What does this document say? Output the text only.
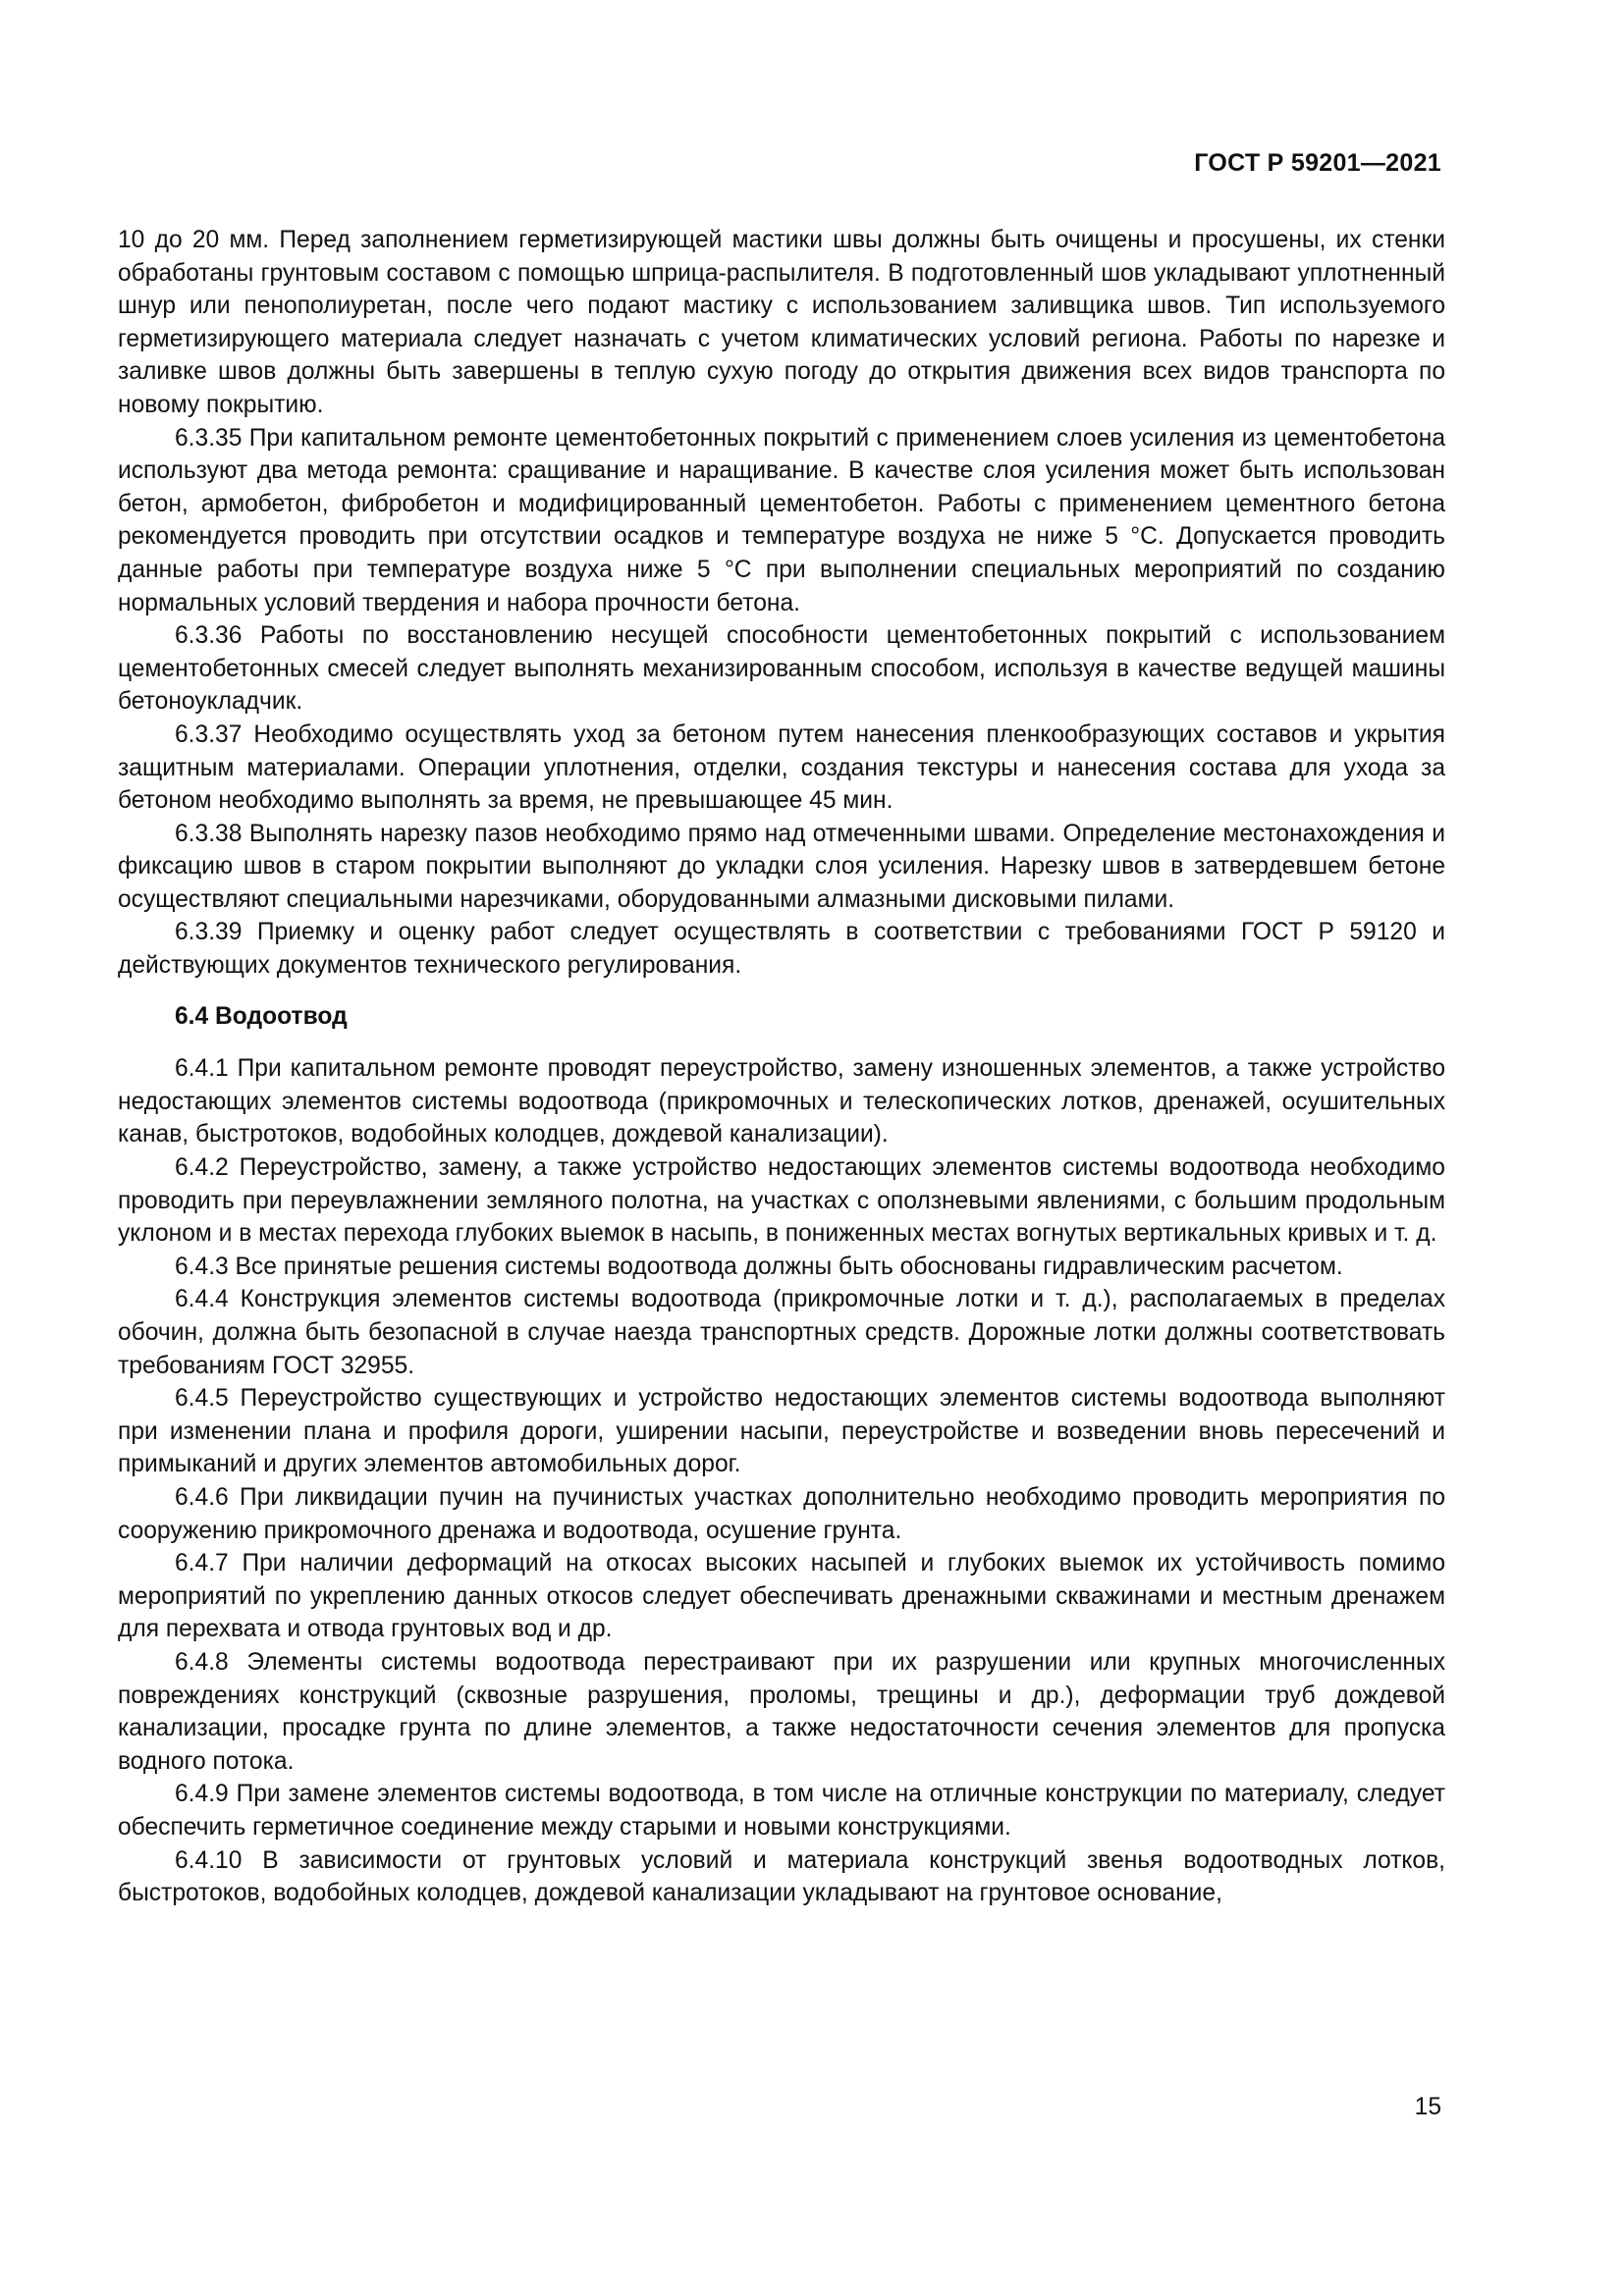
ГОСТ Р 59201—2021

10 до 20 мм. Перед заполнением герметизирующей мастики швы должны быть очищены и просушены, их стенки обработаны грунтовым составом с помощью шприца-распылителя. В подготовленный шов укладывают уплотненный шнур или пенополиуретан, после чего подают мастику с использованием заливщика швов. Тип используемого герметизирующего материала следует назначать с учетом климатических условий региона. Работы по нарезке и заливке швов должны быть завершены в теплую сухую погоду до открытия движения всех видов транспорта по новому покрытию.

6.3.35 При капитальном ремонте цементобетонных покрытий с применением слоев усиления из цементобетона используют два метода ремонта: сращивание и наращивание. В качестве слоя усиления может быть использован бетон, армобетон, фибробетон и модифицированный цементобетон. Работы с применением цементного бетона рекомендуется проводить при отсутствии осадков и температуре воздуха не ниже 5 °С. Допускается проводить данные работы при температуре воздуха ниже 5 °С при выполнении специальных мероприятий по созданию нормальных условий твердения и набора прочности бетона.

6.3.36 Работы по восстановлению несущей способности цементобетонных покрытий с использованием цементобетонных смесей следует выполнять механизированным способом, используя в качестве ведущей машины бетоноукладчик.

6.3.37 Необходимо осуществлять уход за бетоном путем нанесения пленкообразующих составов и укрытия защитным материалами. Операции уплотнения, отделки, создания текстуры и нанесения состава для ухода за бетоном необходимо выполнять за время, не превышающее 45 мин.

6.3.38 Выполнять нарезку пазов необходимо прямо над отмеченными швами. Определение местонахождения и фиксацию швов в старом покрытии выполняют до укладки слоя усиления. Нарезку швов в затвердевшем бетоне осуществляют специальными нарезчиками, оборудованными алмазными дисковыми пилами.

6.3.39 Приемку и оценку работ следует осуществлять в соответствии с требованиями ГОСТ Р 59120 и действующих документов технического регулирования.

6.4 Водоотвод

6.4.1 При капитальном ремонте проводят переустройство, замену изношенных элементов, а также устройство недостающих элементов системы водоотвода (прикромочных и телескопических лотков, дренажей, осушительных канав, быстротоков, водобойных колодцев, дождевой канализации).

6.4.2 Переустройство, замену, а также устройство недостающих элементов системы водоотвода необходимо проводить при переувлажнении земляного полотна, на участках с оползневыми явлениями, с большим продольным уклоном и в местах перехода глубоких выемок в насыпь, в пониженных местах вогнутых вертикальных кривых и т. д.

6.4.3 Все принятые решения системы водоотвода должны быть обоснованы гидравлическим расчетом.

6.4.4 Конструкция элементов системы водоотвода (прикромочные лотки и т. д.), располагаемых в пределах обочин, должна быть безопасной в случае наезда транспортных средств. Дорожные лотки должны соответствовать требованиям ГОСТ 32955.

6.4.5 Переустройство существующих и устройство недостающих элементов системы водоотвода выполняют при изменении плана и профиля дороги, уширении насыпи, переустройстве и возведении вновь пересечений и примыканий и других элементов автомобильных дорог.

6.4.6 При ликвидации пучин на пучинистых участках дополнительно необходимо проводить мероприятия по сооружению прикромочного дренажа и водоотвода, осушение грунта.

6.4.7 При наличии деформаций на откосах высоких насыпей и глубоких выемок их устойчивость помимо мероприятий по укреплению данных откосов следует обеспечивать дренажными скважинами и местным дренажем для перехвата и отвода грунтовых вод и др.

6.4.8 Элементы системы водоотвода перестраивают при их разрушении или крупных многочисленных повреждениях конструкций (сквозные разрушения, проломы, трещины и др.), деформации труб дождевой канализации, просадке грунта по длине элементов, а также недостаточности сечения элементов для пропуска водного потока.

6.4.9 При замене элементов системы водоотвода, в том числе на отличные конструкции по материалу, следует обеспечить герметичное соединение между старыми и новыми конструкциями.

6.4.10 В зависимости от грунтовых условий и материала конструкций звенья водоотводных лотков, быстротоков, водобойных колодцев, дождевой канализации укладывают на грунтовое основание,

15
